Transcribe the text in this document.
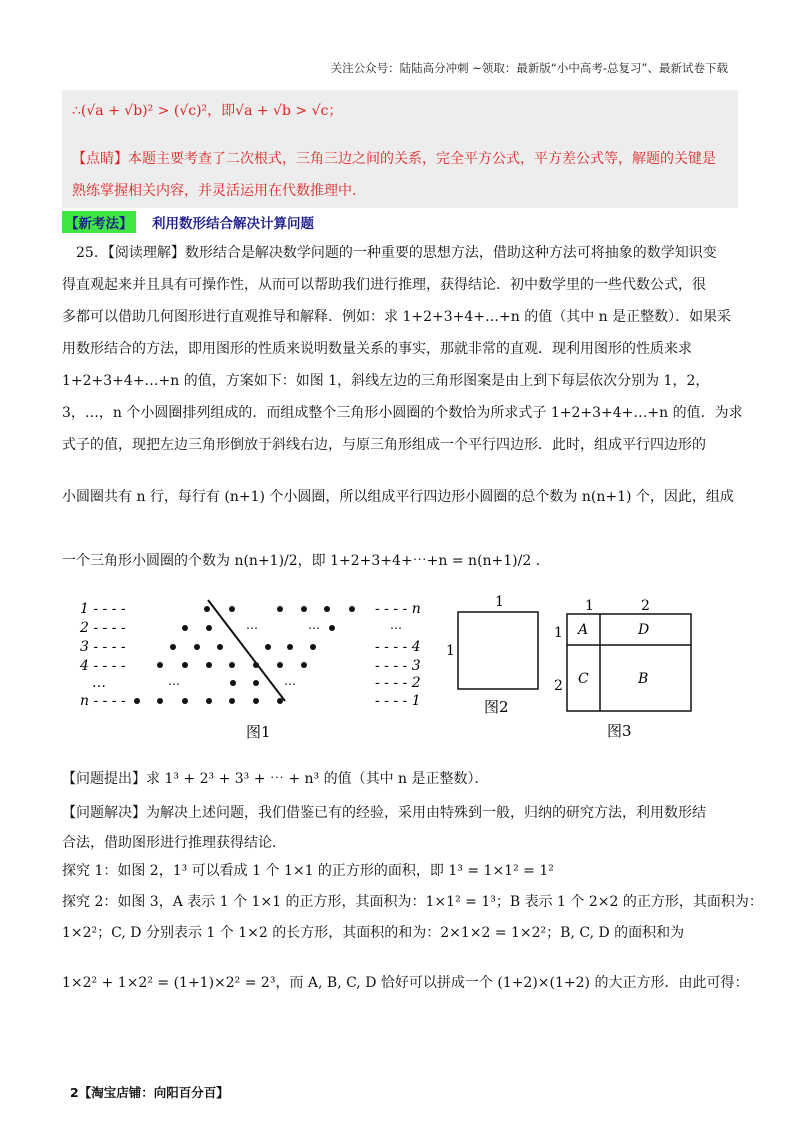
关注公众号：陆陆高分冲刺 ~领取：最新版“小中高考-总复习”、最新试卷下载
∴(√a + √b)² > (√c)²，即√a + √b > √c；
【点睛】本题主要考查了二次根式，三角三边之间的关系，完全平方公式，平方差公式等，解题的关键是
熟练掌握相关内容，并灵活运用在代数推理中.
【新考法】 利用数形结合解决计算问题
25．【阅读理解】数形结合是解决数学问题的一种重要的思想方法，借助这种方法可将抽象的数学知识变
得直观起来并且具有可操作性，从而可以帮助我们进行推理，获得结论．初中数学里的一些代数公式，很
多都可以借助几何图形进行直观推导和解释．例如：求 1+2+3+4+…+n 的值（其中 n 是正整数）．如果采
用数形结合的方法，即用图形的性质来说明数量关系的事实，那就非常的直观．现利用图形的性质来求
1+2+3+4+…+n 的值，方案如下：如图 1，斜线左边的三角形图案是由上到下每层依次分别为 1，2，
3，…，n 个小圆圈排列组成的．而组成整个三角形小圆圈的个数恰为所求式子 1+2+3+4+…+n 的值．为求
式子的值，现把左边三角形倒放于斜线右边，与原三角形组成一个平行四边形．此时，组成平行四边形的
小圆圈共有 n 行，每行有 (n+1) 个小圆圈，所以组成平行四边形小圆圈的总个数为 n(n+1) 个，因此，组成
一个三角形小圆圈的个数为 n(n+1)/2，即 1+2+3+4+⋯+n = n(n+1)/2 ．
1 - - - -
2 - - - -
3 - - - -
4 - - - -
…
n - - - -
- - - - n
- - - - 4
- - - - 3
- - - - 2
- - - - 1
…	…	…
…	…
图1
1
1
图2
1	2
1
2
A	D
C	B
图3
【问题提出】求 1³ + 2³ + 3³ + ⋯ + n³ 的值（其中 n 是正整数）．
【问题解决】为解决上述问题，我们借鉴已有的经验，采用由特殊到一般，归纳的研究方法，利用数形结
合法，借助图形进行推理获得结论．
探究 1：如图 2，1³ 可以看成 1 个 1×1 的正方形的面积，即 1³ = 1×1² = 1²
探究 2：如图 3，A 表示 1 个 1×1 的正方形，其面积为：1×1² = 1³；B 表示 1 个 2×2 的正方形，其面积为：
1×2²；C, D 分别表示 1 个 1×2 的长方形，其面积的和为：2×1×2 = 1×2²；B, C, D 的面积和为
1×2² + 1×2² = (1+1)×2² = 2³，而 A, B, C, D 恰好可以拼成一个 (1+2)×(1+2) 的大正方形．由此可得：
2【淘宝店铺：向阳百分百】
